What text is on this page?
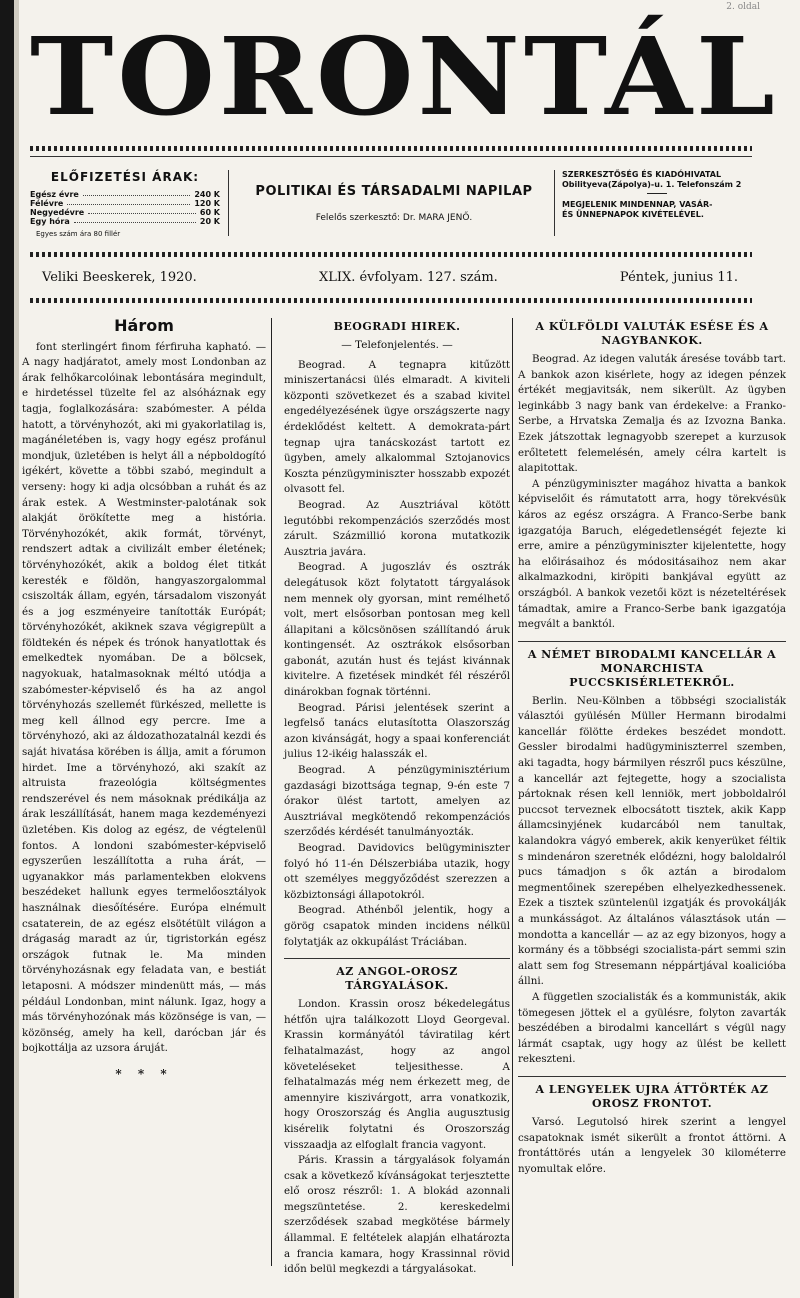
2. oldal
TORONTÁL
ELŐFIZETÉSI ÁRAK:
Egész évre	240 K
Félévre	120 K
Negyedévre	60 K
Egy hóra	20 K
Egyes szám ára 80 fillér
POLITIKAI ÉS TÁRSADALMI NAPILAP
Felelős szerkesztő: Dr. MARA JENŐ.
SZERKESZTŐSÉG ÉS KIADÓHIVATAL
Obilityeva(Zápolya)-u. 1. Telefonszám 2
MEGJELENIK MINDENNAP, VASÁR-
ÉS ÜNNEPNAPOK KIVÉTELÉVEL.
Veliki Beeskerek, 1920.	XLIX. évfolyam. 127. szám.	Péntek, junius 11.
Három

font sterlingért finom férfiruha kapható. — A nagy hadjáratot, amely most Londonban az árak felhőkarcolóinak lebontására megindult, e hirdetéssel tüzelte fel az alsóháznak egy tagja, foglalkozására: szabómester. A példa hatott, a törvényhozót, aki mi gyakorlatilag is, magánéletében is, vagy hogy egész profánul mondjuk, üzletében is helyt áll a népboldogító igékért, követte a többi szabó, megindult a verseny: hogy ki adja olcsóbban a ruhát és az árak estek. A Westminster-palotának sok alakját örökítette meg a história. Törvényhozókét, akik formát, törvényt, rendszert adtak a civilizált ember életének; törvényhozókét, akik a boldog élet titkát keresték e földön, hangyaszorgalommal csiszolták állam, egyén, társadalom viszonyát és a jog eszményeire tanították Európát; törvényhozókét, akiknek szava végigrepült a földtekén és népek és trónok hanyatlottak és emelkedtek nyomában. De a bölcsek, nagyokuak, hatalmasoknak méltó utódja a szabómester-képviselő és ha az angol törvényhozás szellemét fürkészed, mellette is meg kell állnod egy percre. Ime a törvényhozó, aki az áldozathozatalnál kezdi és saját hivatása körében is állja, amit a fórumon hirdet. Ime a törvényhozó, aki szakít az altruista frazeológia költségmentes rendszerével és nem másoknak prédikálja az árak leszállítását, hanem maga kezdeményezi üzletében. Kis dolog az egész, de végtelenül fontos. A londoni szabómester-képviselő egyszerűen leszállította a ruha árát, — ugyanakkor más parlamentekben elokvens beszédeket hallunk egyes termelőosztályok használnak diesőítésére. Európa elnémult csataterein, de az egész elsötétült világon a drágaság maradt az úr, tigristorkán egész országok futnak le. Ma minden törvényhozásnak egy feladata van, e bestiát letaposni. A módszer mindenütt más, — más például Londonban, mint nálunk. Igaz, hogy a más törvényhozónak más közönsége is van, — közönség, amely ha kell, darócban jár és bojkottálja az uzsora áruját.

* * *
BEOGRADI HIREK.
— Telefonjelentés. —

Beograd. A tegnapra kitűzött miniszertanácsi ülés elmaradt. A kiviteli központi szövetkezet és a szabad kivitel engedélyezésének ügye országszerte nagy érdeklődést keltett. A demokrata-párt tegnap ujra tanácskozást tartott ez ügyben, amely alkalommal Sztojanovics Koszta pénzügyminiszter hosszabb expozét olvasott fel.

Beograd. Az Ausztriával kötött legutóbbi rekompenzációs szerződés most zárult. Százmillió korona mutatkozik Ausztria javára.

Beograd. A jugoszláv és osztrák delegátusok közt folytatott tárgyalások nem mennek oly gyorsan, mint remélhető volt, mert elsősorban pontosan meg kell állapitani a kölcsönösen szállítandó áruk kontingensét. Az osztrákok elsősorban gabonát, azután hust és tejást kivánnak kivitelre. A fizetések mindkét fél részéről dinárokban fognak történni.

Beograd. Párisi jelentések szerint a legfelső tanács elutasította Olaszország azon kivánságát, hogy a spaai konferenciát julius 12-ikéig halasszák el.

Beograd. A pénzügyminisztérium gazdasági bizottsága tegnap, 9-én este 7 órakor ülést tartott, amelyen az Ausztriával megkötendő rekompenzációs szerződés kérdését tanulmányozták.

Beograd. Davidovics belügyminiszter folyó hó 11-én Délszerbiába utazik, hogy ott személyes meggyőződést szerezzen a közbiztonsági állapotokról.

Beograd. Athénből jelentik, hogy a görög csapatok minden incidens nélkül folytatják az okkupálást Tráciában.

AZ ANGOL-OROSZ TÁRGYALÁSOK.

London. Krassin orosz békedelegátus hétfőn ujra találkozott Lloyd Georgeval. Krassin kormányától táviratilag kért felhatalmazást, hogy az angol követeléseket teljesithesse. A felhatalmazás még nem érkezett meg, de amennyire kiszivárgott, arra vonatkozik, hogy Oroszország és Anglia augusztusig kisérelik folytatni és Oroszország visszaadja az elfoglalt francia vagyont.

Páris. Krassin a tárgyalások folyamán csak a következő kívánságokat terjesztette elő orosz részről: 1. A blokád azonnali megszüntetése. 2. kereskedelmi szerződések szabad megkötése bármely állammal. E feltételek alapján elhatározta a francia kamara, hogy Krassinnal rövid időn belül megkezdi a tárgyalásokat.

A KÜLFÖLDI VALUTÁK ESÉSE ÉS A NAGYBANKOK.

Beograd. Az idegen valuták áresése tovább tart. A bankok azon kisérlete, hogy az idegen pénzek értékét megjavitsák, nem sikerült. Az ügyben leginkább 3 nagy bank van érdekelve: a Franko-Serbe, a Hrvatska Zemalja és az Izvozna Banka. Ezek játszottak legnagyobb szerepet a kurzusok erőltetett felemelésén, amely célra kartelt is alapitottak.

A pénzügyminiszter magához hivatta a bankok képviselőit és rámutatott arra, hogy törekvésük káros az egész országra. A Franco-Serbe bank igazgatója Baruch, elégedetlenségét fejezte ki erre, amire a pénzügyminiszter kijelentette, hogy ha előirásaihoz és módositásaihoz nem akar alkalmazkodni, kiröpiti bankjával együtt az országból. A bankok vezetői közt is nézeteltérések támadtak, amire a Franco-Serbe bank igazgatója megvált a banktól.

A NÉMET BIRODALMI KANCELLÁR A MONARCHISTA PUCCSKISÉRLETEKRŐL.

Berlin. Neu-Kölnben a többségi szocialisták választói gyülésén Müller Hermann birodalmi kancellár fölötte érdekes beszédet mondott. Gessler birodalmi hadügyminiszterrel szemben, aki tagadta, hogy bármilyen részről pucs készülne, a kancellár azt fejtegette, hogy a szocialista pártoknak résen kell lenniök, mert jobboldalról puccsot terveznek elbocsátott tisztek, akik Kapp államcsinyjének kudarcából nem tanultak, kalandokra vágyó emberek, akik kenyerüket féltik s mindenáron szeretnék elődézni, hogy baloldalról pucs támadjon s ők aztán a birodalom megmentőinek szerepében elhelyezkedhessenek. Ezek a tisztek szüntelenül izgatják és provokálják a munkásságot. Az általános választások után — mondotta a kancellár — az az egy bizonyos, hogy a kormány és a többségi szocialista-párt semmi szin alatt sem fog Stresemann néppártjával koalicióba állni.

A független szocialisták és a kommunisták, akik tömegesen jöttek el a gyülésre, folyton zavarták beszédében a birodalmi kancellárt s végül nagy lármát csaptak, ugy hogy az ülést be kellett rekeszteni.

A LENGYELEK UJRA ÁTTÖRTÉK AZ OROSZ FRONTOT.

Varsó. Legutolsó hirek szerint a lengyel csapatoknak ismét sikerült a frontot áttörni. A frontáttörés után a lengyelek 30 kilométerre nyomultak előre.
